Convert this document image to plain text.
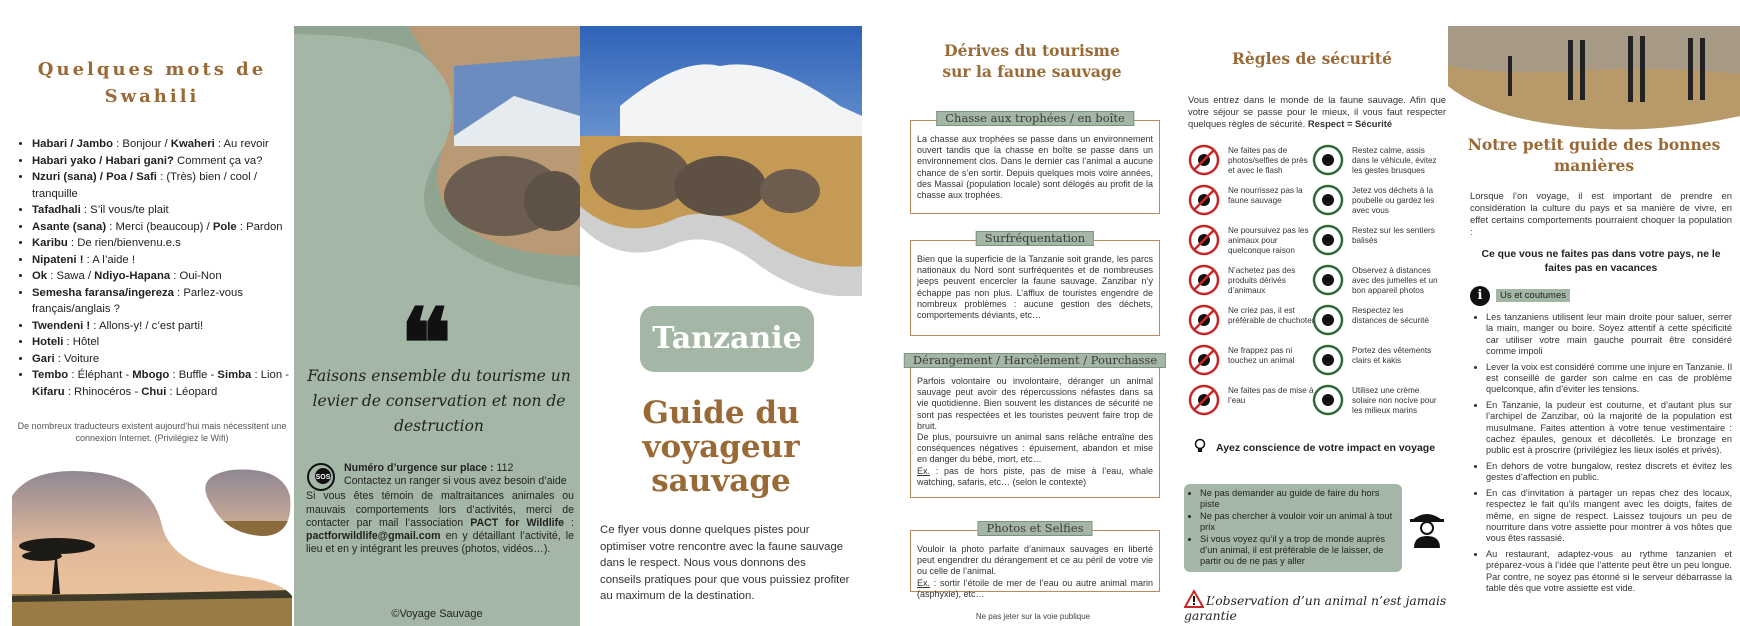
Quelques mots de Swahili
• Habari / Jambo : Bonjour / Kwaheri : Au revoir
• Habari yako / Habari gani? Comment ça va?
• Nzuri (sana) / Poa / Safi : (Très) bien / cool / tranquille
• Tafadhali : S’il vous/te plait
• Asante (sana) : Merci (beaucoup) / Pole : Pardon
• Karibu : De rien/bienvenu.e.s
• Nipateni ! : A l’aide !
• Ok : Sawa / Ndiyo-Hapana : Oui-Non
• Semesha faransa/ingereza : Parlez-vous français/anglais ?
• Twendeni ! : Allons-y! / c’est parti!
• Hoteli : Hôtel
• Gari : Voiture
• Tembo : Éléphant - Mbogo : Buffle - Simba : Lion - Kifaru : Rhinocéros - Chui : Léopard

De nombreux traducteurs existent aujourd’hui mais nécessitent une connexion Internet. (Privilégiez le Wifi)

❝

Faisons ensemble du tourisme un levier de conservation et non de destruction

SOS
Numéro d’urgence sur place : 112
Contactez un ranger si vous avez besoin d’aide
Si vous êtes témoin de maltraitances animales ou mauvais comportements lors d’activités, merci de contacter par mail l’association PACT for Wildlife : pactforwildlife@gmail.com en y détaillant l’activité, le lieu et en y intégrant les preuves (photos, vidéos…).
©Voyage Sauvage
Tanzanie
Guide du voyageur sauvage

Ce flyer vous donne quelques pistes pour optimiser votre rencontre avec la faune sauvage dans le respect. Nous vous donnons des conseils pratiques pour que vous puissiez profiter au maximum de la destination.

Dérives du tourisme sur la faune sauvage
Chasse aux trophées / en boîte
La chasse aux trophées se passe dans un environnement ouvert tandis que la chasse en boîte se passe dans un environnement clos. Dans le dernier cas l’animal a aucune chance de s’en sortir. Depuis quelques mois voire années, des Massaï (population locale) sont délogés au profit de la chasse aux trophées.
Surfréquentation
Bien que la superficie de la Tanzanie soit grande, les parcs nationaux du Nord sont surfréquentés et de nombreuses jeeps peuvent encercler la faune sauvage. Zanzibar n’y échappe pas non plus. L’afflux de touristes engendre de nombreux problèmes : aucune gestion des déchets, comportements déviants, etc…
Dérangement / Harcèlement / Pourchasse
Parfois volontaire ou involontaire, déranger un animal sauvage peut avoir des répercussions néfastes dans sa vie quotidienne. Bien souvent les distances de sécurité ne sont pas respectées et les touristes peuvent faire trop de bruit.
De plus, poursuivre un animal sans relâche entraîne des conséquences négatives : épuisement, abandon et mise en danger du bébé, mort, etc…
Ex. : pas de hors piste, pas de mise à l’eau, whale watching, safaris, etc… (selon le contexte)
Photos et Selfies
Vouloir la photo parfaite d’animaux sauvages en liberté peut engendrer du dérangement et ce au péril de votre vie ou celle de l’animal.
Ex. : sortir l’étoile de mer de l’eau ou autre animal marin (asphyxie), etc…
Ne pas jeter sur la voie publique
Règles de sécurité

Vous entrez dans le monde de la faune sauvage. Afin que votre séjour se passe pour le mieux, il vous faut respecter quelques règles de sécurité. Respect = Sécurité

Ne faites pas de photos/selfies de près et avec le flash
Ne nourrissez pas la faune sauvage
Ne poursuivez pas les animaux pour quelconque raison
N’achetez pas des produits dérivés d’animaux
Ne criez pas, il est préférable de chuchoter
Ne frappez pas ni touchez un animal
Ne faites pas de mise à l’eau
Restez calme, assis dans le véhicule, évitez les gestes brusques
Jetez vos déchets à la poubelle ou gardez les avec vous
Restez sur les sentiers balisés
Observez à distances avec des jumelles et un bon appareil photos
Respectez les distances de sécurité
Portez des vêtements clairs et kakis
Utilisez une crème solaire non nocive pour les milieux marins
Ayez conscience de votre impact en voyage
• Ne pas demander au guide de faire du hors piste
• Ne pas chercher à vouloir voir un animal à tout prix
• Si vous voyez qu’il y a trop de monde auprès d’un animal, il est préférable de le laisser, de partir ou de ne pas y aller
L’observation d’un animal n’est jamais garantie
Notre petit guide des bonnes manières

Lorsque l’on voyage, il est important de prendre en considération la culture du pays et sa manière de vivre, en effet certains comportements pourraient choquer la population :

Ce que vous ne faites pas dans votre pays, ne le faites pas en vacances

i	Us et coutumes
• Les tanzaniens utilisent leur main droite pour saluer, serrer la main, manger ou boire. Soyez attentif à cette spécificité car utiliser votre main gauche pourrait être considéré comme impoli
• Lever la voix est considéré comme une injure en Tanzanie. Il est conseillé de garder son calme en cas de problème quelconque, afin d’éviter les tensions.
• En Tanzanie, la pudeur est coutume, et d’autant plus sur l’archipel de Zanzibar, où la majorité de la population est musulmane. Faites attention à votre tenue vestimentaire : cachez épaules, genoux et décolletés. Le bronzage en public est à proscrire (privilégiez les lieux isolés et privés).
• En dehors de votre bungalow, restez discrets et évitez les gestes d’affection en public.
• En cas d’invitation à partager un repas chez des locaux, respectez le fait qu’ils mangent avec les doigts, faites de même, en signe de respect. Laissez toujours un peu de nourriture dans votre assiette pour montrer à vos hôtes que vous êtes rassasié.
• Au restaurant, adaptez-vous au rythme tanzanien et préparez-vous à l’idée que l’attente peut être un peu longue. Par contre, ne soyez pas étonné si le serveur débarrasse la table dès que votre assiette est vide.
